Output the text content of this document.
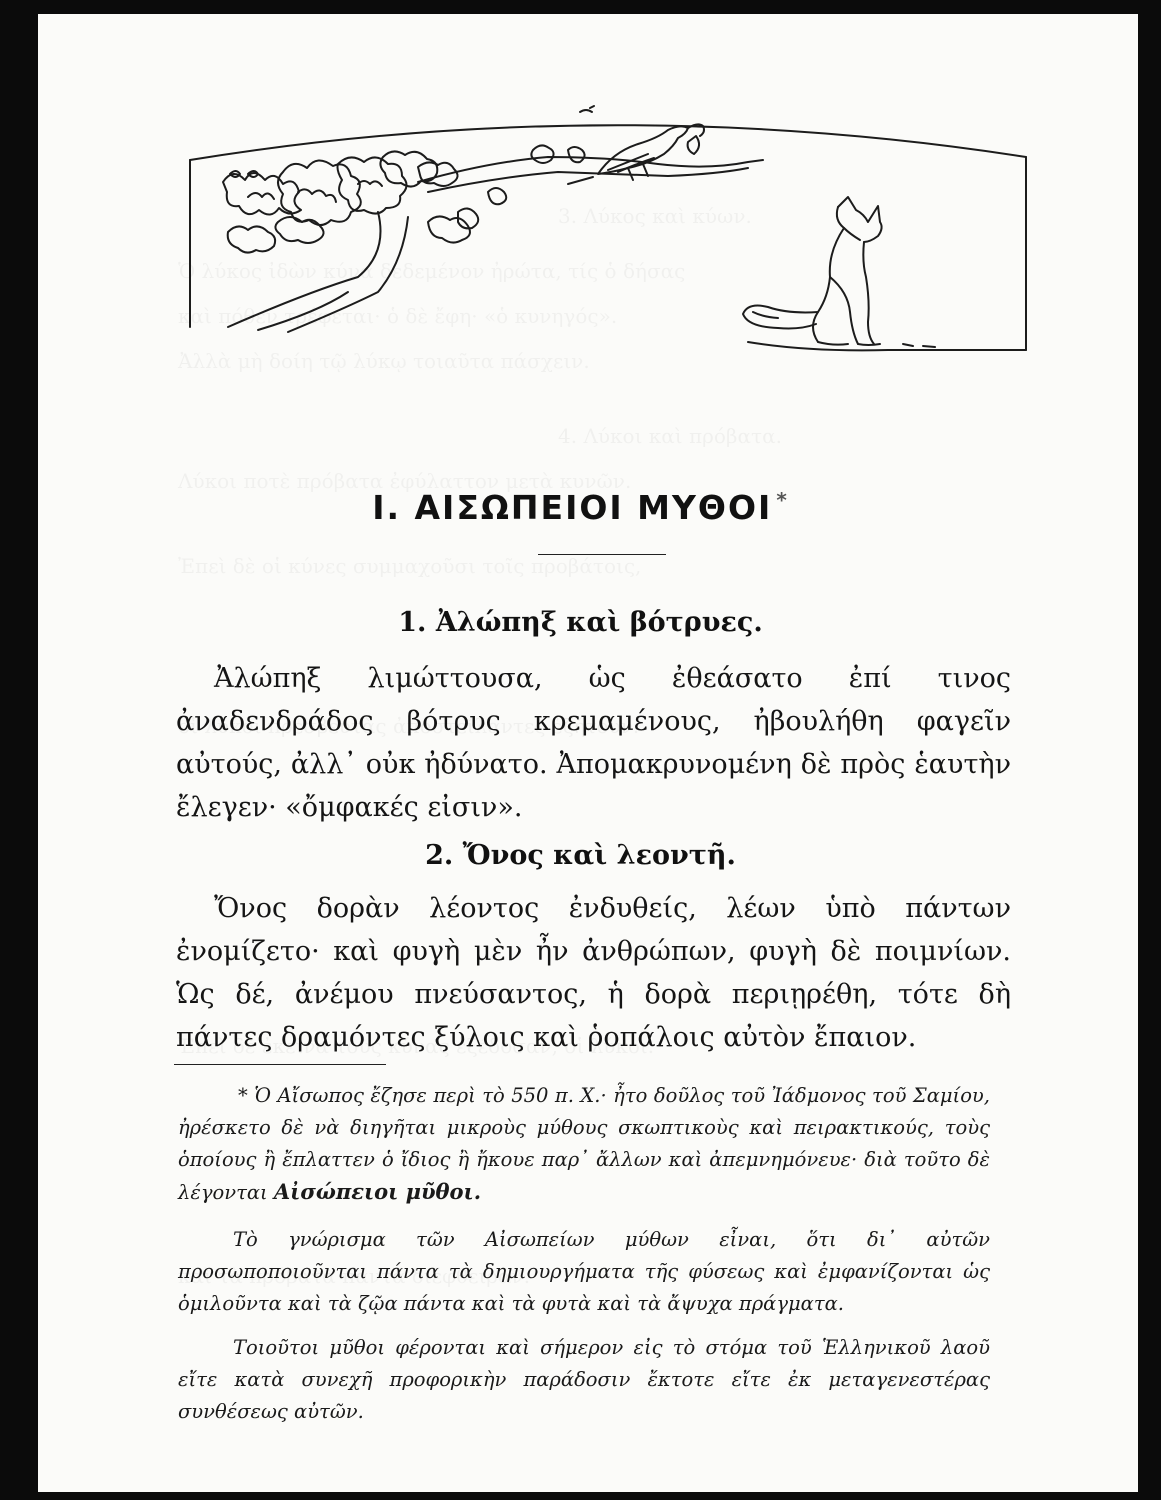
I. ΑΙΣΩΠΕΙΟΙ ΜΥΘΟΙ *
1. Ἀλώπηξ καὶ βότρυες.

Ἀλώπηξ λιμώττουσα, ὡς ἐθεάσατο ἐπί τινος ἀναδενδράδος βότρυς κρεμαμένους, ἠβουλήθη φαγεῖν αὐτούς, ἀλλ᾽ οὐκ ἠδύνατο. Ἀπομακρυνομένη δὲ πρὸς ἑαυτὴν ἔλεγεν· «ὄμφακές εἰσιν».

2. Ὄνος καὶ λεοντῆ.

Ὄνος δορὰν λέοντος ἐνδυθείς, λέων ὑπὸ πάντων ἐνομίζετο· καὶ φυγὴ μὲν ἦν ἀνθρώπων, φυγὴ δὲ ποιμνίων. Ὡς δέ, ἀνέμου πνεύσαντος, ἡ δορὰ περιῃρέθη, τότε δὴ πάντες δραμόντες ξύλοις καὶ ῥοπάλοις αὐτὸν ἔπαιον.

* Ὁ Αἴσωπος ἔζησε περὶ τὸ 550 π. Χ.· ἦτο δοῦλος τοῦ Ἰάδμονος τοῦ Σαμίου, ἠρέσκετο δὲ νὰ διηγῆται μικροὺς μύθους σκωπτικοὺς καὶ πειρακτικούς, τοὺς ὁποίους ἢ ἔπλαττεν ὁ ἴδιος ἢ ἤκουε παρ᾽ ἄλλων καὶ ἀπεμνημόνευε· διὰ τοῦτο δὲ λέγονται Αἰσώπειοι μῦθοι.

Τὸ γνώρισμα τῶν Αἰσωπείων μύθων εἶναι, ὅτι δι᾽ αὐτῶν προσωποποιοῦνται πάντα τὰ δημιουργήματα τῆς φύσεως καὶ ἐμφανίζονται ὡς ὁμιλοῦντα καὶ τὰ ζῷα πάντα καὶ τὰ φυτὰ καὶ τὰ ἄψυχα πράγματα.

Τοιοῦτοι μῦθοι φέρονται καὶ σήμερον εἰς τὸ στόμα τοῦ Ἑλληνικοῦ λαοῦ εἴτε κατὰ συνεχῆ προφορικὴν παράδοσιν ἔκτοτε εἴτε ἐκ μεταγενεστέρας συνθέσεως αὐτῶν.
